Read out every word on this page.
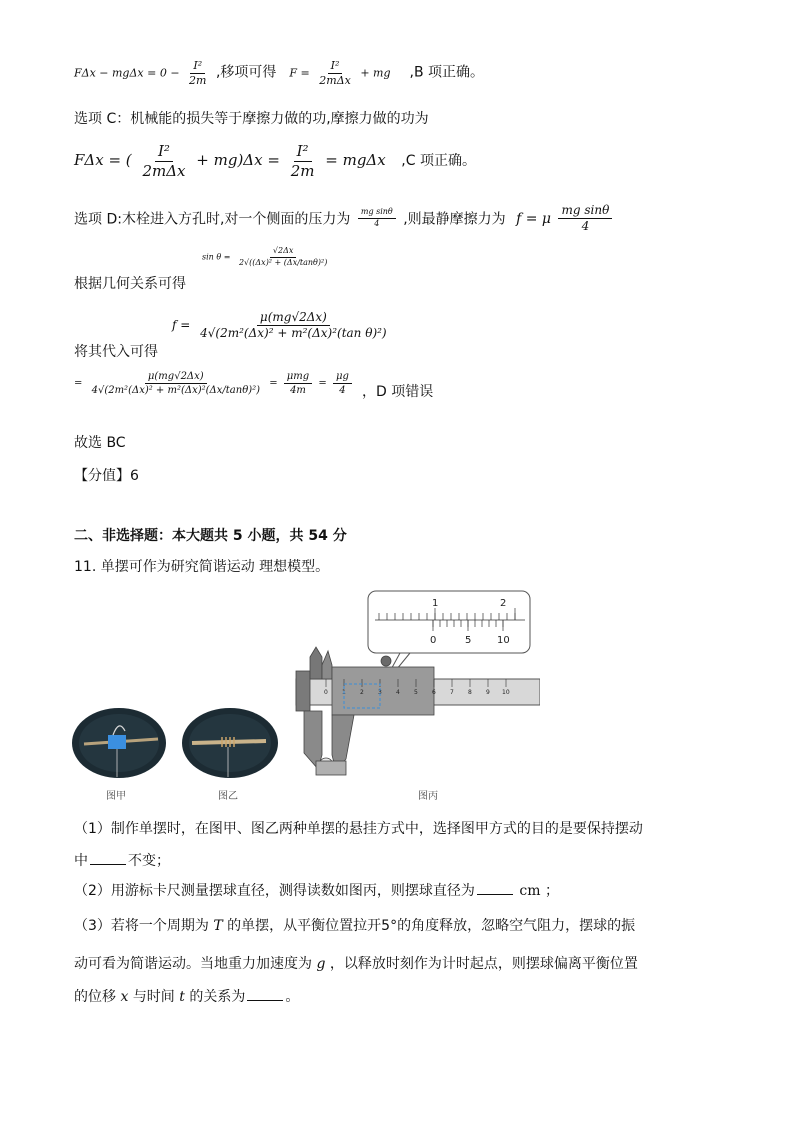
$F\Delta x - mg\Delta x = 0 - \frac{\text{I²}}{2m}$ ,移项可得 $F = \frac{\text{I²}}{\text{2mΔx}}$ + mg ,B 项正确。
选项 C：机械能的损失等于摩擦力做的功,摩擦力做的功为
FΔx = ( $\frac{\text{I²}}{\text{2mΔx}} + mg)\Delta x = \frac{\text{I²}}{2m} = mg\Delta x$ ,C 项正确。
选项 D:木栓进入方孔时,对一个侧面的压力为 $\frac{\text{mg sinθ}}{4}$ ,则最静摩擦力为 f = μ $\frac{\text{mg sinθ}}{4}$
$\sin \theta = \frac{√2\Delta x}{\text{2√((Δx)² + (Δx/tanθ)²)}}$
根据几何关系可得
$f = \frac{\mu(mg√2\Delta x)}{\text{4√(2m²(Δx)² + m²(Δx)²(tan θ)²)}}$
将其代入可得
= $\frac{\mu(mg√2\Delta x)}{\text{4√(2m²(Δx)² + m²(Δx)²(Δx/tanθ)²)}} = \frac{\text{μmg}}{4m} = \frac{\mu g}{4}$ ，D 项错误
故选 BC
【分值】6
二、非选择题：本大题共 5 小题，共 54 分
11. 单摆可作为研究简谐运动 理想模型。
1	2
0	5	10
0 1 2 3 4 5 6 7 8 9 10
图甲	图乙	图丙
（1）制作单摆时，在图甲、图乙两种单摆的悬挂方式中，选择图甲方式的目的是要保持摆动
中	不变；
（2）用游标卡尺测量摆球直径，测得读数如图丙，则摆球直径为	cm ；
（3）若将一个周期为 T 的单摆，从平衡位置拉开5°的角度释放，忽略空气阻力，摆球的振
动可看为简谐运动。当地重力加速度为 g ，以释放时刻作为计时起点，则摆球偏离平衡位置
的位移 x 与时间 t 的关系为	。
